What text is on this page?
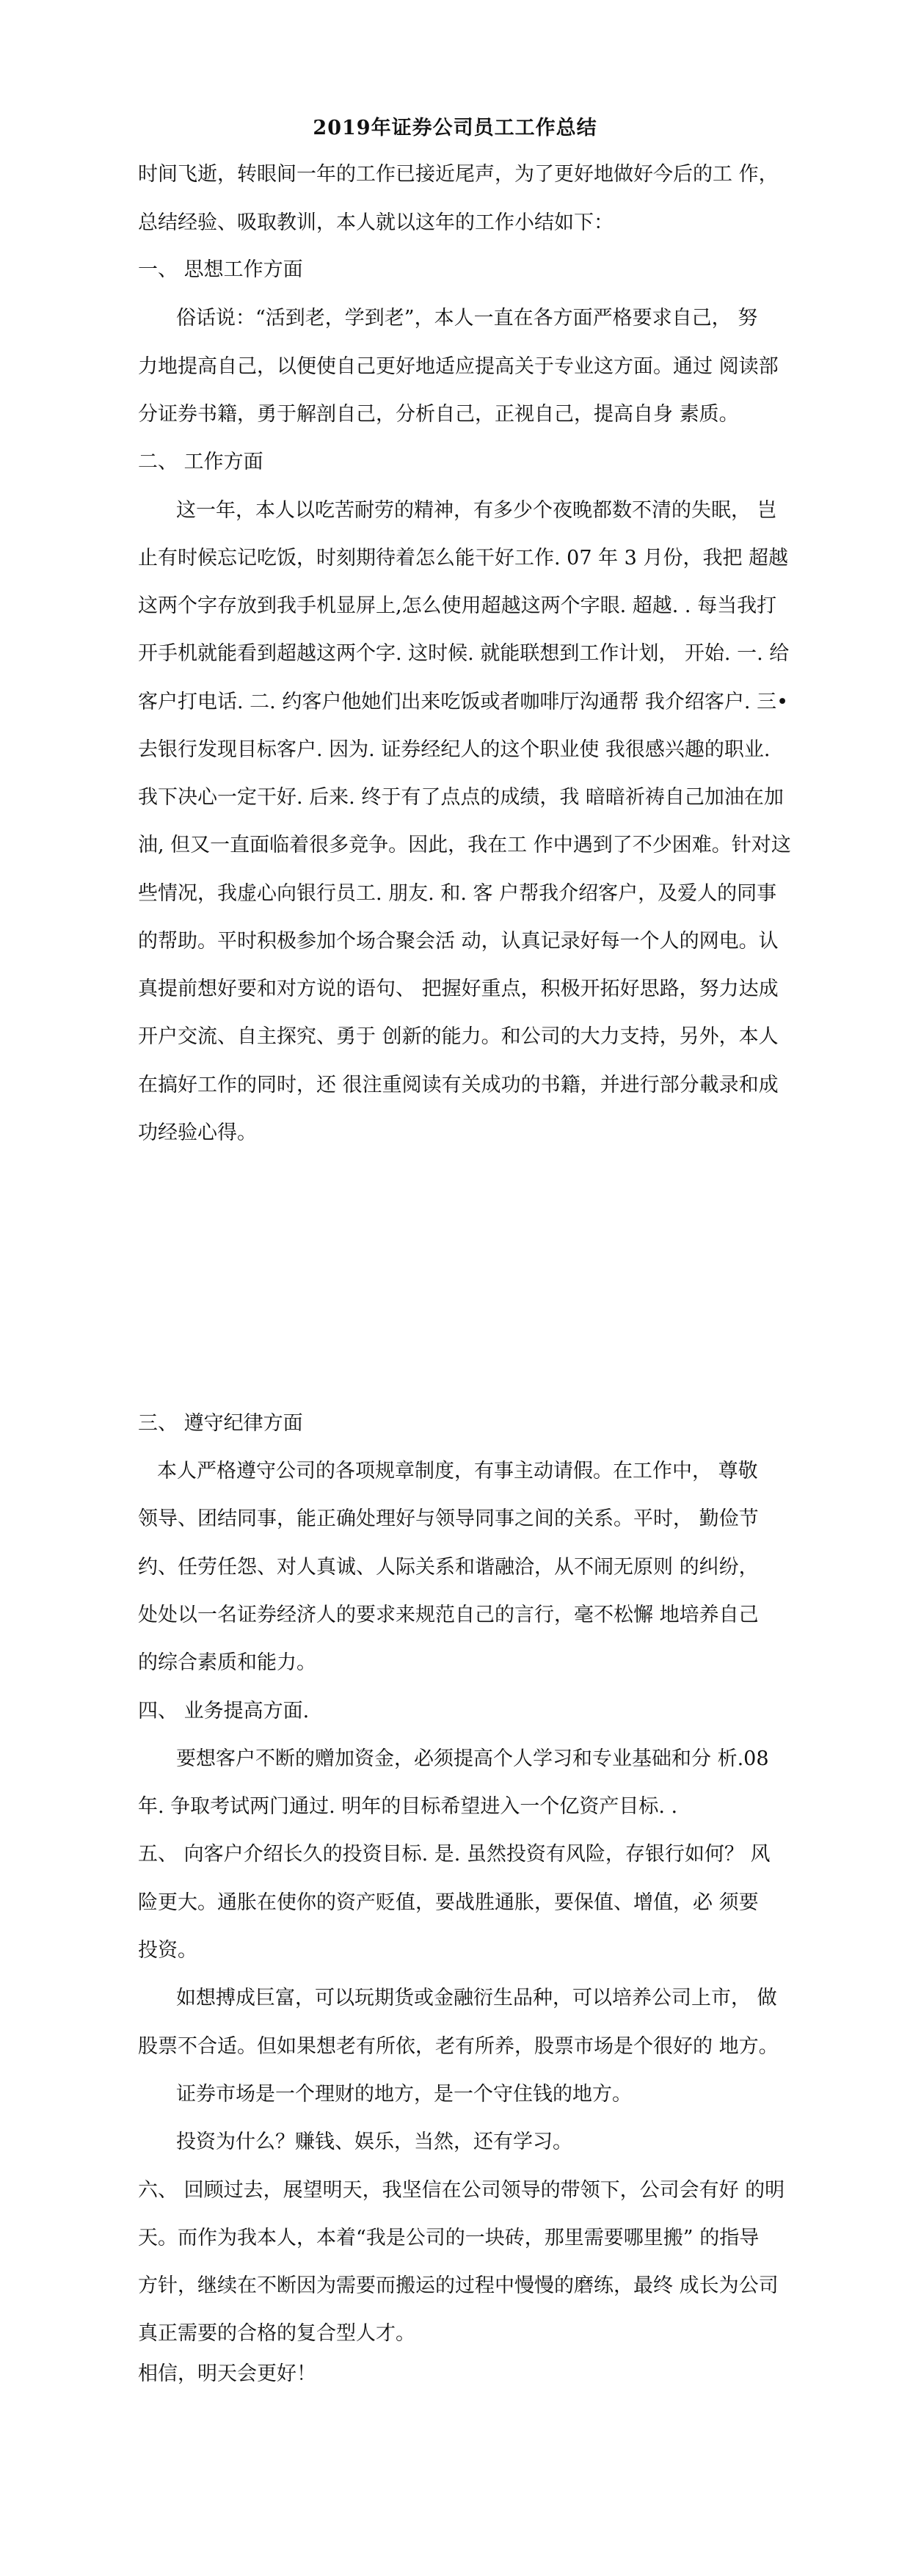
2019年证券公司员工工作总结
时间飞逝，转眼间一年的工作已接近尾声，为了更好地做好今后的工 作，
总结经验、吸取教训，本人就以这年的工作小结如下：
一、 思想工作方面
俗话说：“活到老，学到老”，本人一直在各方面严格要求自己， 努
力地提高自己，以便使自己更好地适应提高关于专业这方面。通过 阅读部
分证券书籍，勇于解剖自己，分析自己，正视自己，提高自身 素质。
二、 工作方面
这一年，本人以吃苦耐劳的精神，有多少个夜晚都数不清的失眠， 岂
止有时候忘记吃饭，时刻期待着怎么能干好工作. 07 年 3 月份，我把 超越
这两个字存放到我手机显屏上,怎么使用超越这两个字眼. 超越. . 每当我打
开手机就能看到超越这两个字. 这时候. 就能联想到工作计划， 开始. 一. 给
客户打电话. 二. 约客户他她们出来吃饭或者咖啡厅沟通帮 我介绍客户. 三•
去银行发现目标客户. 因为. 证券经纪人的这个职业使 我很感兴趣的职业.
我下决心一定干好. 后来. 终于有了点点的成绩，我 暗暗祈祷自己加油在加
油, 但又一直面临着很多竞争。因此，我在工 作中遇到了不少困难。针对这
些情况，我虚心向银行员工. 朋友. 和. 客 户帮我介绍客户，及爱人的同事
的帮助。平时积极参加个场合聚会活 动，认真记录好每一个人的网电。认
真提前想好要和对方说的语句、 把握好重点，积极开拓好思路，努力达成
开户交流、自主探究、勇于 创新的能力。和公司的大力支持，另外，本人
在搞好工作的同时，还 很注重阅读有关成功的书籍，并进行部分載录和成
功经验心得。
三、 遵守纪律方面
本人严格遵守公司的各项规章制度，有事主动请假。在工作中， 尊敬
领导、团结同事，能正确处理好与领导同事之间的关系。平时， 勤俭节
约、任劳任怨、对人真诚、人际关系和谐融洽，从不闹无原则 的纠纷，
处处以一名证券经济人的要求来规范自己的言行，毫不松懈 地培养自己
的综合素质和能力。
四、 业务提高方面.
要想客户不断的赠加资金，必须提高个人学习和专业基础和分 析.08
年. 争取考试两门通过. 明年的目标希望进入一个亿资产目标. .
五、 向客户介绍长久的投资目标. 是. 虽然投资有风险，存银行如何？ 风
险更大。通胀在使你的资产贬值，要战胜通胀，要保值、增值，必 须要
投资。
如想搏成巨富，可以玩期货或金融衍生品种，可以培养公司上市， 做
股票不合适。但如果想老有所依，老有所养，股票市场是个很好的 地方。
证券市场是一个理财的地方，是一个守住钱的地方。
投资为什么？赚钱、娱乐，当然，还有学习。
六、 回顾过去，展望明天，我坚信在公司领导的带领下，公司会有好 的明
天。而作为我本人，本着“我是公司的一块砖，那里需要哪里搬” 的指导
方针，继续在不断因为需要而搬运的过程中慢慢的磨练，最终 成长为公司
真正需要的合格的复合型人才。
相信，明天会更好！
